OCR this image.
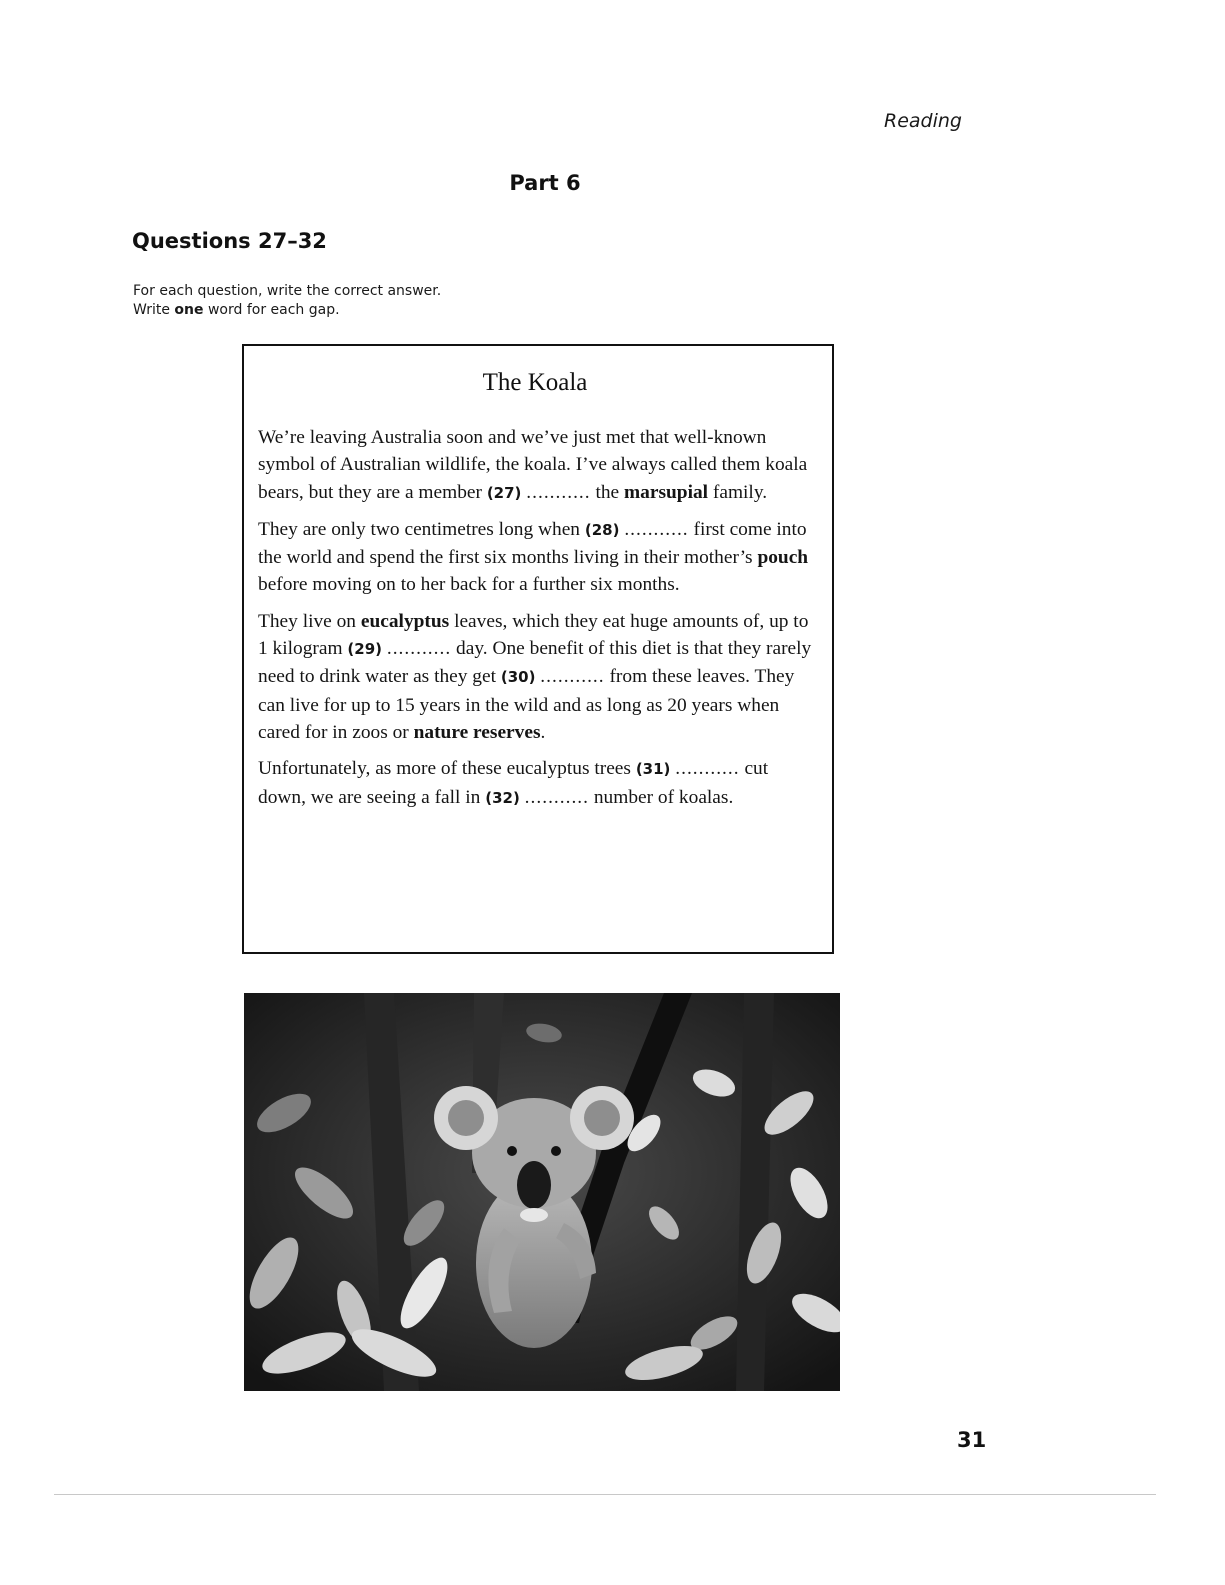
Reading
Part 6
Questions 27–32
For each question, write the correct answer.
Write one word for each gap.
The Koala

We’re leaving Australia soon and we’ve just met that well-known symbol of Australian wildlife, the koala. I’ve always called them koala bears, but they are a member (27) ........... the marsupial family.

They are only two centimetres long when (28) ........... first come into the world and spend the first six months living in their mother’s pouch before moving on to her back for a further six months.

They live on eucalyptus leaves, which they eat huge amounts of, up to 1 kilogram (29) ........... day. One benefit of this diet is that they rarely need to drink water as they get (30) ........... from these leaves. They can live for up to 15 years in the wild and as long as 20 years when cared for in zoos or nature reserves.

Unfortunately, as more of these eucalyptus trees (31) ........... cut down, we are seeing a fall in (32) ........... number of koalas.

31
